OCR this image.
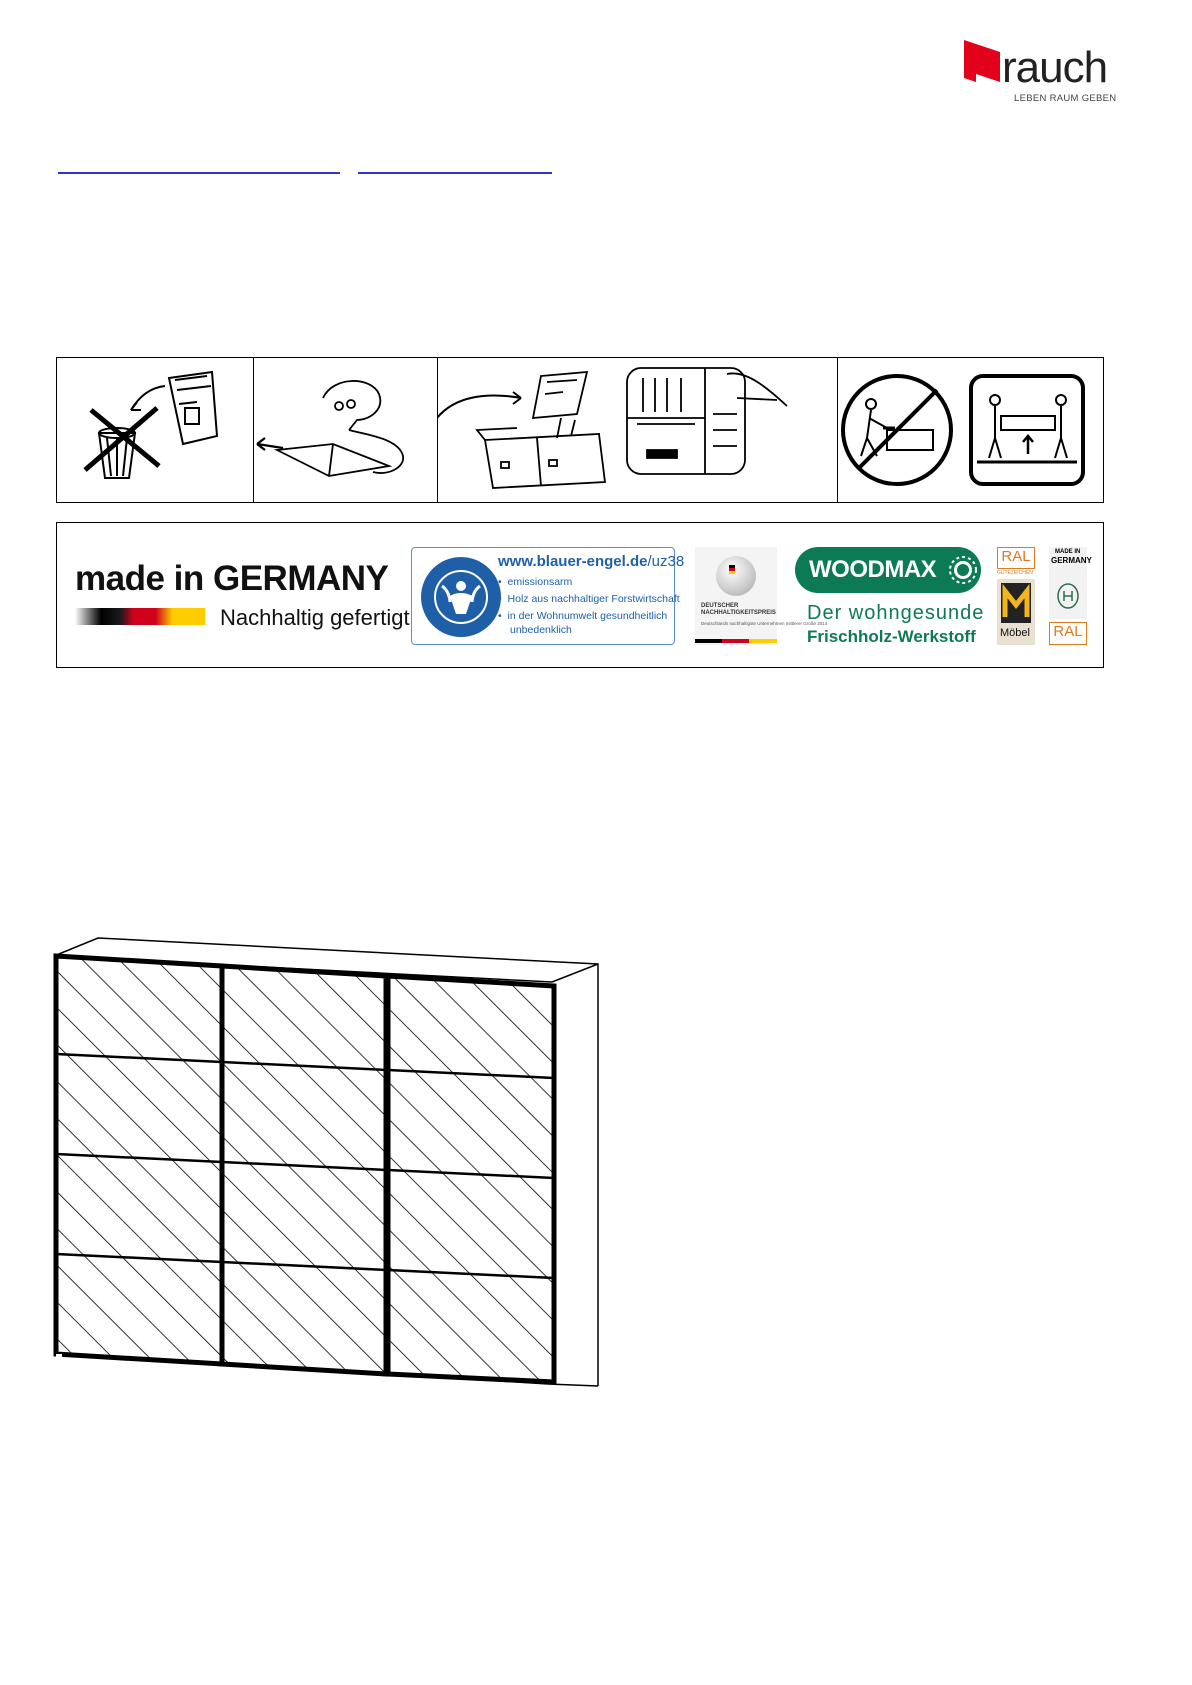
rauch
LEBEN RAUM GEBEN
made in GERMANY
Nachhaltig gefertigt
www.blauer-engel.de/uz38
•  emissionsarm
•  Holz aus nachhaltiger Forstwirtschaft
•  in der Wohnumwelt gesundheitlich
unbedenklich
DEUTSCHER
NACHHALTIGKEITSPREIS
Deutschlands nachhaltigste Unternehmen mittlerer Größe 2014
WOODMAX
Der wohngesunde
Frischholz-Werkstoff
RAL
GÜTEZEICHEN
Möbel
MADE IN
GERMANY
RAL
